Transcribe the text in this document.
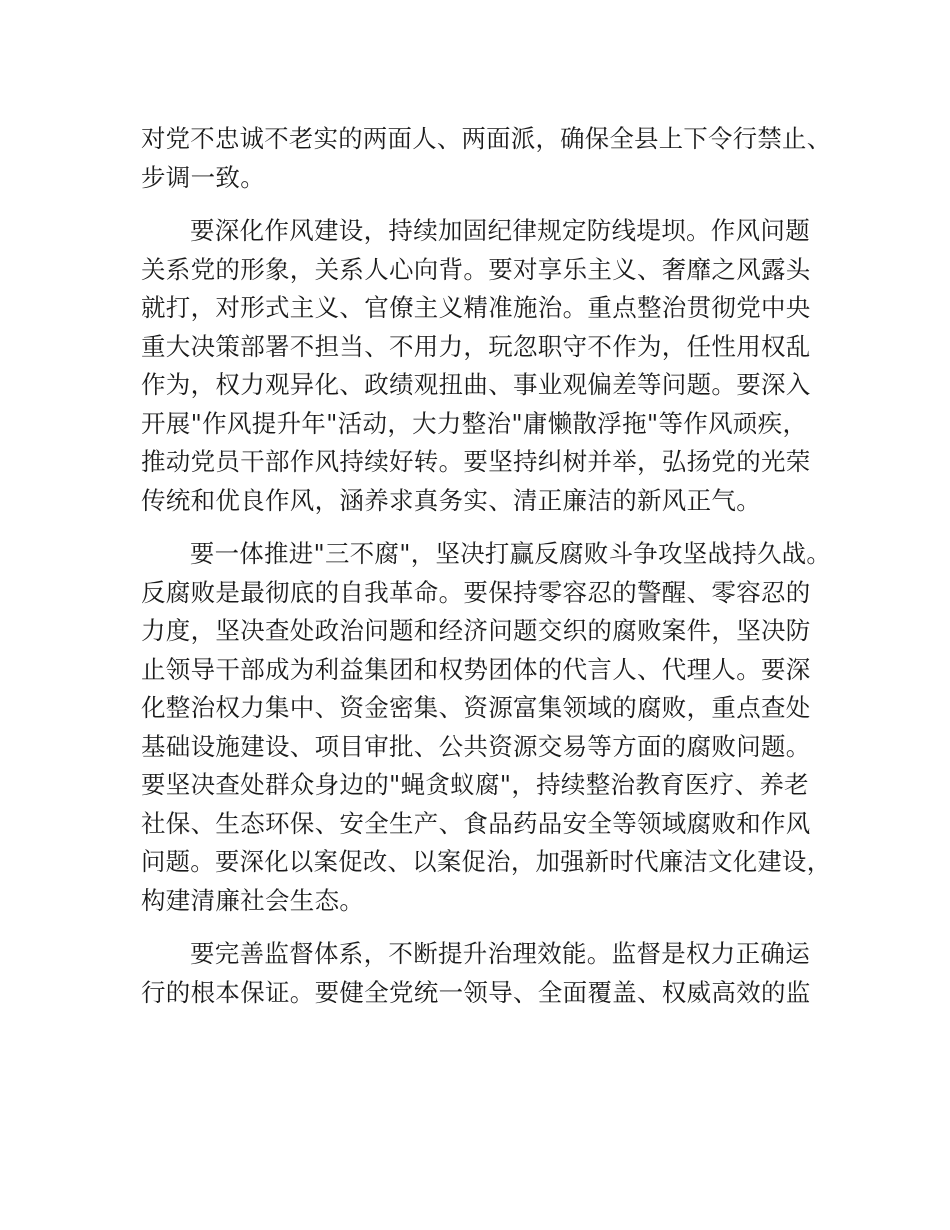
对党不忠诚不老实的两面人、两面派，确保全县上下令行禁止、
步调一致。

要深化作风建设，持续加固纪律规定防线堤坝。作风问题
关系党的形象，关系人心向背。要对享乐主义、奢靡之风露头
就打，对形式主义、官僚主义精准施治。重点整治贯彻党中央
重大决策部署不担当、不用力，玩忽职守不作为，任性用权乱
作为，权力观异化、政绩观扭曲、事业观偏差等问题。要深入
开展"作风提升年"活动，大力整治"庸懒散浮拖"等作风顽疾，
推动党员干部作风持续好转。要坚持纠树并举，弘扬党的光荣
传统和优良作风，涵养求真务实、清正廉洁的新风正气。

要一体推进"三不腐"，坚决打赢反腐败斗争攻坚战持久战。
反腐败是最彻底的自我革命。要保持零容忍的警醒、零容忍的
力度，坚决查处政治问题和经济问题交织的腐败案件，坚决防
止领导干部成为利益集团和权势团体的代言人、代理人。要深
化整治权力集中、资金密集、资源富集领域的腐败，重点查处
基础设施建设、项目审批、公共资源交易等方面的腐败问题。
要坚决查处群众身边的"蝇贪蚁腐"，持续整治教育医疗、养老
社保、生态环保、安全生产、食品药品安全等领域腐败和作风
问题。要深化以案促改、以案促治，加强新时代廉洁文化建设，
构建清廉社会生态。

要完善监督体系，不断提升治理效能。监督是权力正确运
行的根本保证。要健全党统一领导、全面覆盖、权威高效的监
